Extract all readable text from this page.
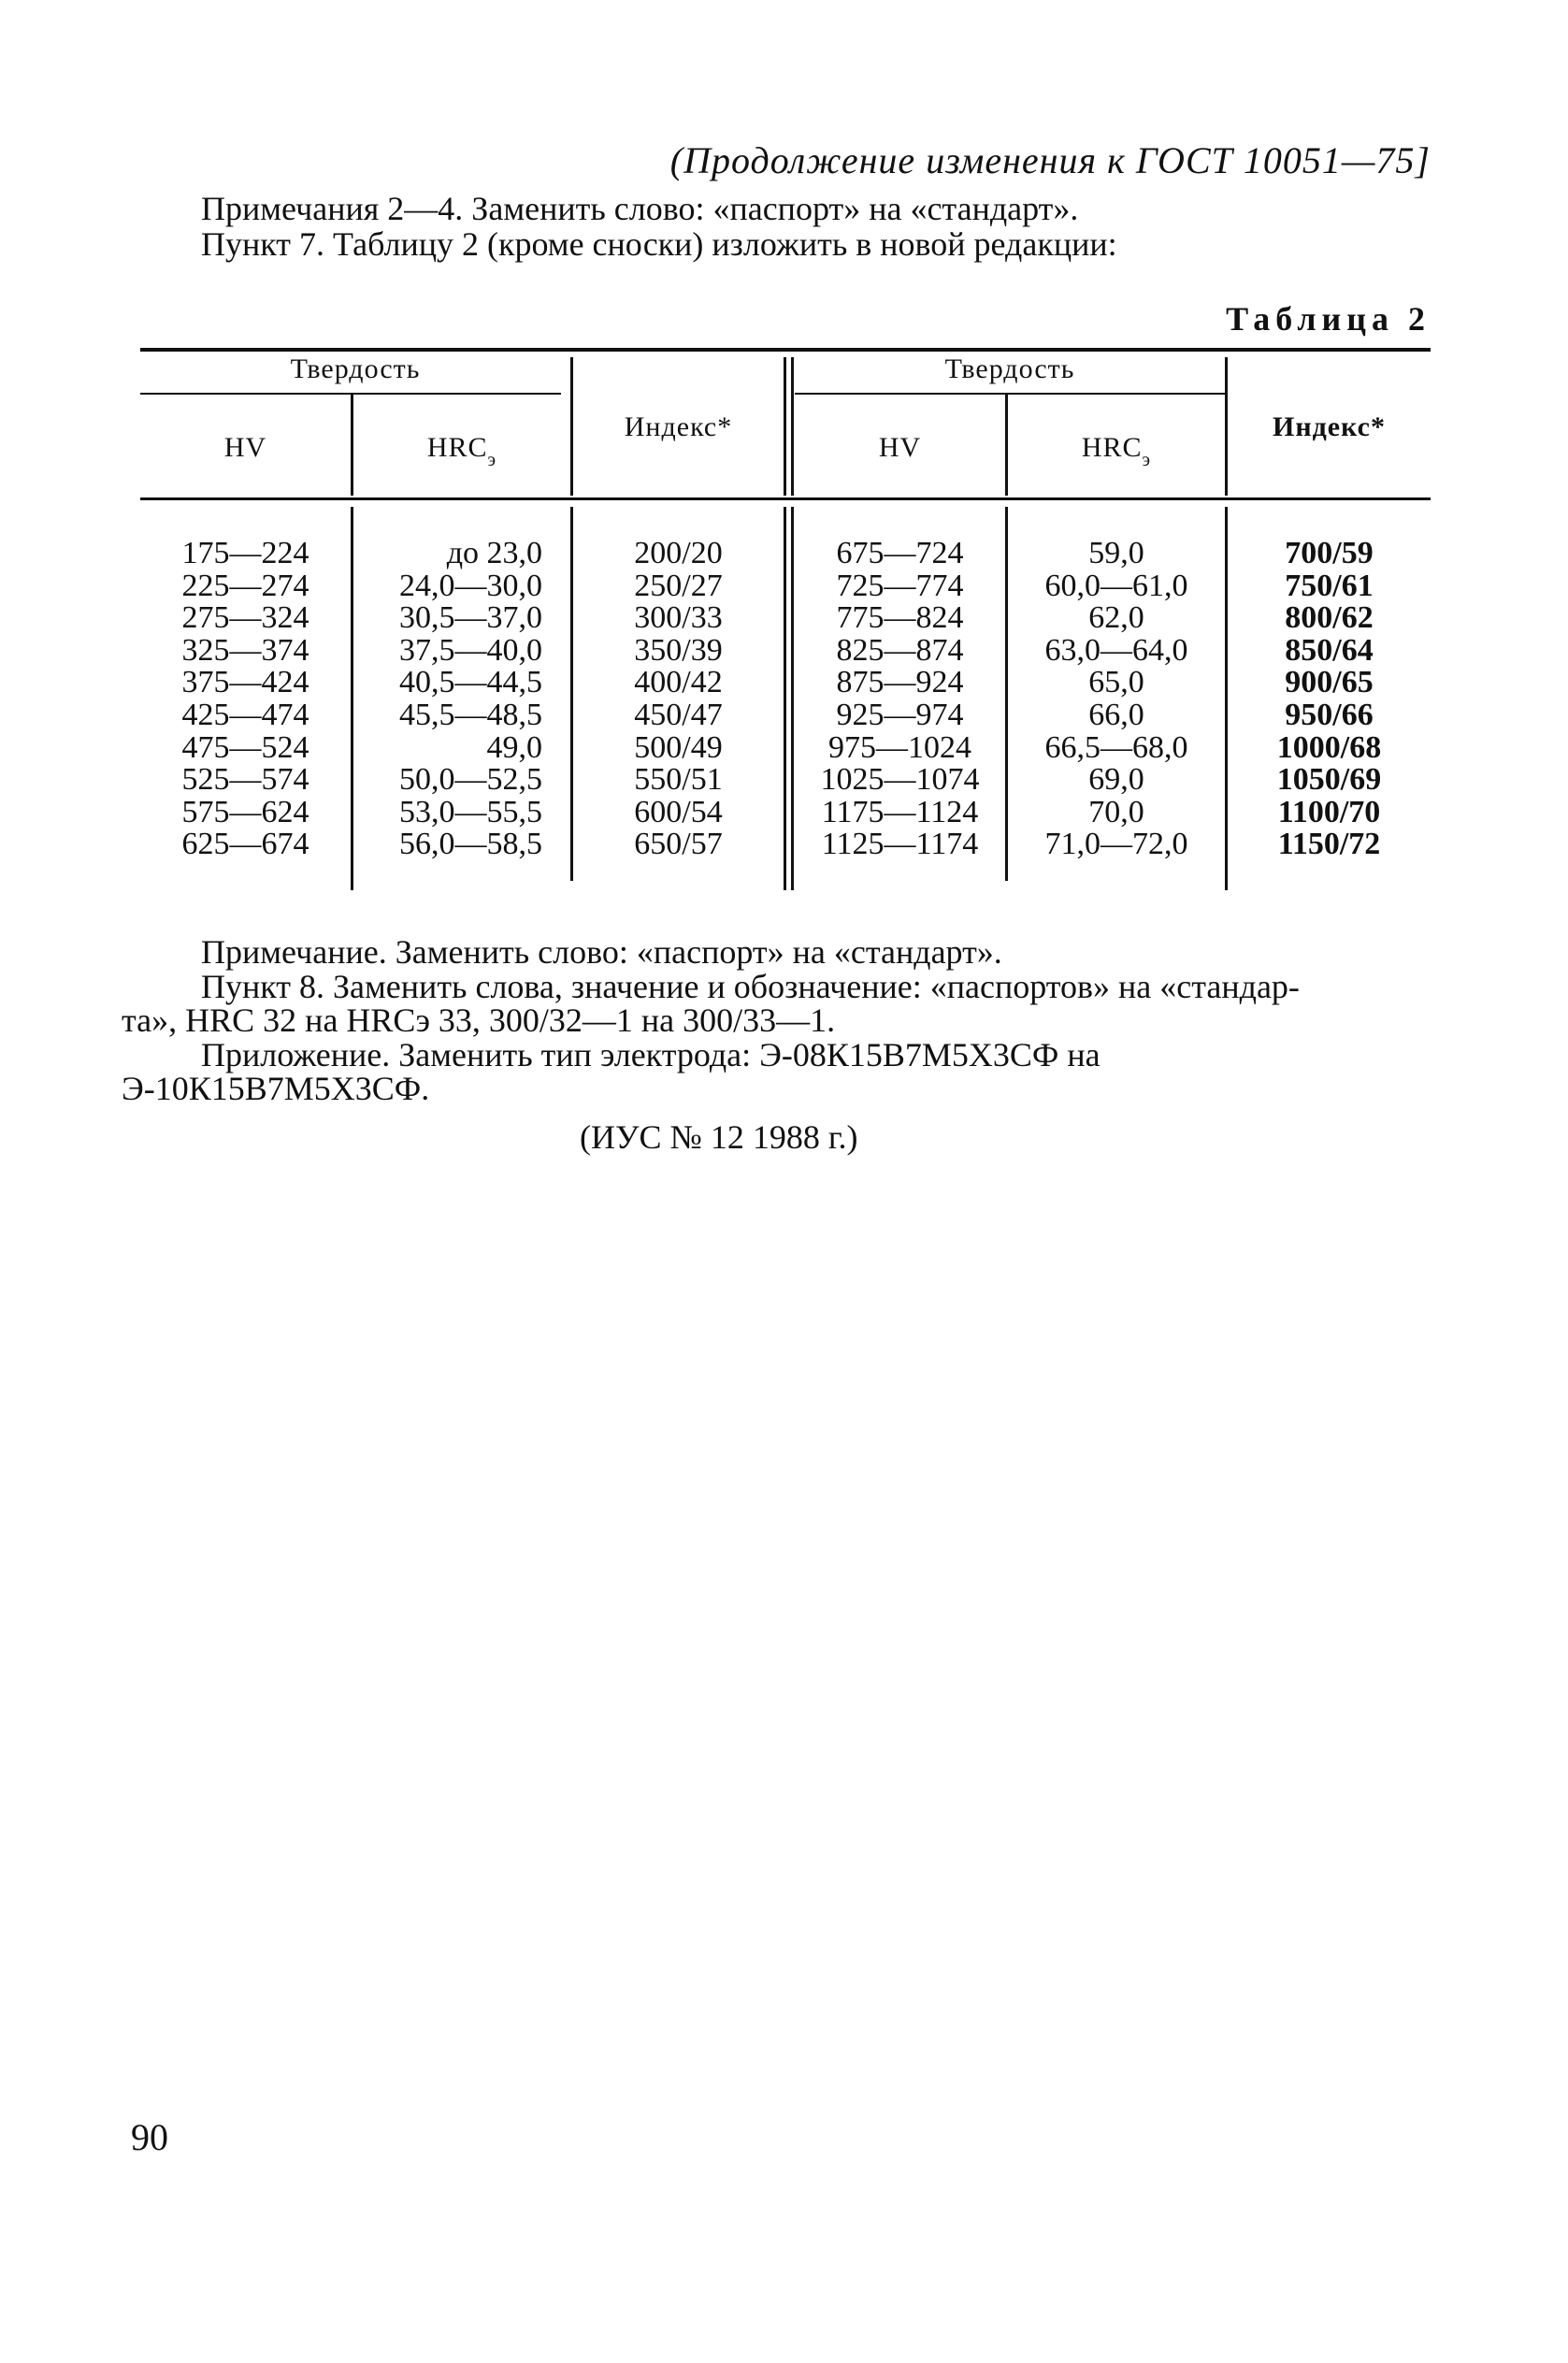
(Продолжение изменения к ГОСТ 10051—75]
Примечания 2—4. Заменить слово: «паспорт» на «стандарт».
Пункт 7. Таблицу 2 (кроме сноски) изложить в новой редакции:
Таблица 2
Твердость
HV	$HRC_э$
Индекс*
Твердость
HV	$HRC_э$
Индекс*
175—224
225—274
275—324
325—374
375—424
425—474
475—524
525—574
575—624
625—674
до 23,0
24,0—30,0
30,5—37,0
37,5—40,0
40,5—44,5
45,5—48,5
49,0
50,0—52,5
53,0—55,5
56,0—58,5
200/20
250/27
300/33
350/39
400/42
450/47
500/49
550/51
600/54
650/57
675—724
725—774
775—824
825—874
875—924
925—974
975—1024
1025—1074
1175—1124
1125—1174
59,0
60,0—61,0
62,0
63,0—64,0
65,0
66,0
66,5—68,0
69,0
70,0
71,0—72,0
700/59
750/61
800/62
850/64
900/65
950/66
1000/68
1050/69
1100/70
1150/72
Примечание. Заменить слово: «паспорт» на «стандарт».
Пункт 8. Заменить слова, значение и обозначение: «паспортов» на «стандар-
та», HRC 32 на HRCэ 33, 300/32—1 на 300/33—1.
Приложение. Заменить тип электрода: Э-08К15В7М5Х3СФ на
Э-10К15В7М5Х3СФ.
(ИУС № 12 1988 г.)
90
